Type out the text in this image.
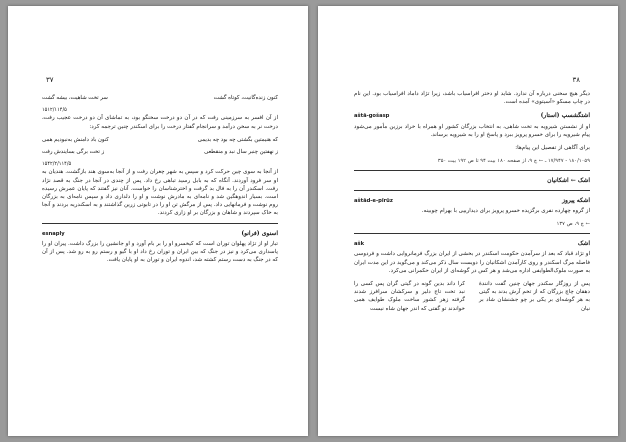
۳۷
کنون زنده‌گانیت، کوتاه گشت
سر تخت شاهیت، بیشه گشت
۱۵۱۲/۱۱۴/۵

از آن افسر به سرزمینی رفت که در آن دو درخت سخنگو بود، به تماشای آن دو درخت عجیب رفت، درخت نر به سخن درآمد و سرانجام گفتار درخت را برای اسکندر چنین ترجمه کرد:

که هنیمتین بگشتی چه بود چه بدیمی
کنون باد دامنش به‌نبودیم همی
ز نهفتین چنبر سال نبد و منقطعی
ز تخت برگی بسایندش رفت
۱۵۴۲/۲/۱۱۴/۵

از آنجا به سوی چین حرکت کرد و سپس به شهر چغران رفت و از آنجا به‌سوی هند بازگشت. هندیان به او سر فرود آوردند. آنگاه که به بابل رسید تباهی رخ داد. پس از چندی در آنجا در جنگ به قصد نژاد رفت. اسکندر آن را به فال بد گرفت و اخترشناسان را خواست. آنان نیز گفتند که پایان عمرش رسیده است. بسیار اندوهگین شد و نامه‌ای به مادرش نوشت و او را دلداری داد و سپس نامه‌ای به بزرگان روم نوشت و فرمانهایی داد. پس از مرگش تن او را در تابوتی زرین گذاشتند و به اسکندریه بردند و آنجا به خاک سپردند و شاهان و بزرگان بر او زاری کردند.

اسنوی (فرانو)
esnaply

تبار او از تژاد پهلوان توران است که کیخسرو او را بر بام آورد و او جانشین را بزرگ داشت. پیران او را پاسداری می‌کرد و نیز در جنگ که بین ایران و توران رخ داد او با گیو و رستم رو به رو شد. پس از آن که در جنگ به دست رستم کشته شد، اندوه ایران و توران به او پایان یافت.

۳۸

دیگر هیچ سخنی درباره آن ندارد. شاید او دختر افراسیاب باشد، زیرا تژاد داماد افراسیاب بود. این نام در چاپ مسکو «آسیتوی» آمده است.

اشتگشسپ (استار)
aštā-gošasp

او از نشستن شیرویه به تخت شاهی، به انتخاب بزرگان کشور او همراه با خراد برزین مأمور می‌شود پیام شیرویه را برای خسرو پرویز ببرد و پاسخ او را به شیرویه برساند.

برای آگاهی از تفصیل این پیام‌ها:

۱۸۰/۱۰۵۹ - ۱۷/۹۴۷ ـ ← ج ۹، از صفحه ۱۸۰ بیت ۹۴ تا ص ۱۹۲ بیت ۳۵۰

اشک ← اشکانیان
اشکه پیروز
aštād-e-pīrūz

از گروه چهارده نفری برگزیده خسرو پرویز برای دیداریپی با بهرام چوبینه.

← ج ۹، ص ۱۳۷

اشک
ašk

او تژاد قباد که بعد از سرآمدن حکومت اسکندر در بخشی از ایران بزرگ فرمانروایی داشت و فردوسی فاصله مرگ اسکندر و روی کارآمدن اشکانیان را دویست سال ذکر می‌کند و می‌گوید در این مدت ایران به صورت ملوک‌الطوایفی اداره می‌شد و هر کس در گوشه‌ای از ایران حکمرانی می‌کرد.

پس از روزگار سکندر جهان چنین گفت دانندهٔ دهقان چاچ بزرگان که از تخم آرش بدند به گیتی به هر گوشه‌ای بر یکی بر چو جشنشان شاد بر نیان
کرا داند بدین گونه در گیتی گران پس کسی را نبد تخت تاج دلیر و سرکشان سرافرز شدند گرفته زهر کشور ساخت ملوک طوایف همی خواندند تو گفتی که اندر جهان شاه نیست
